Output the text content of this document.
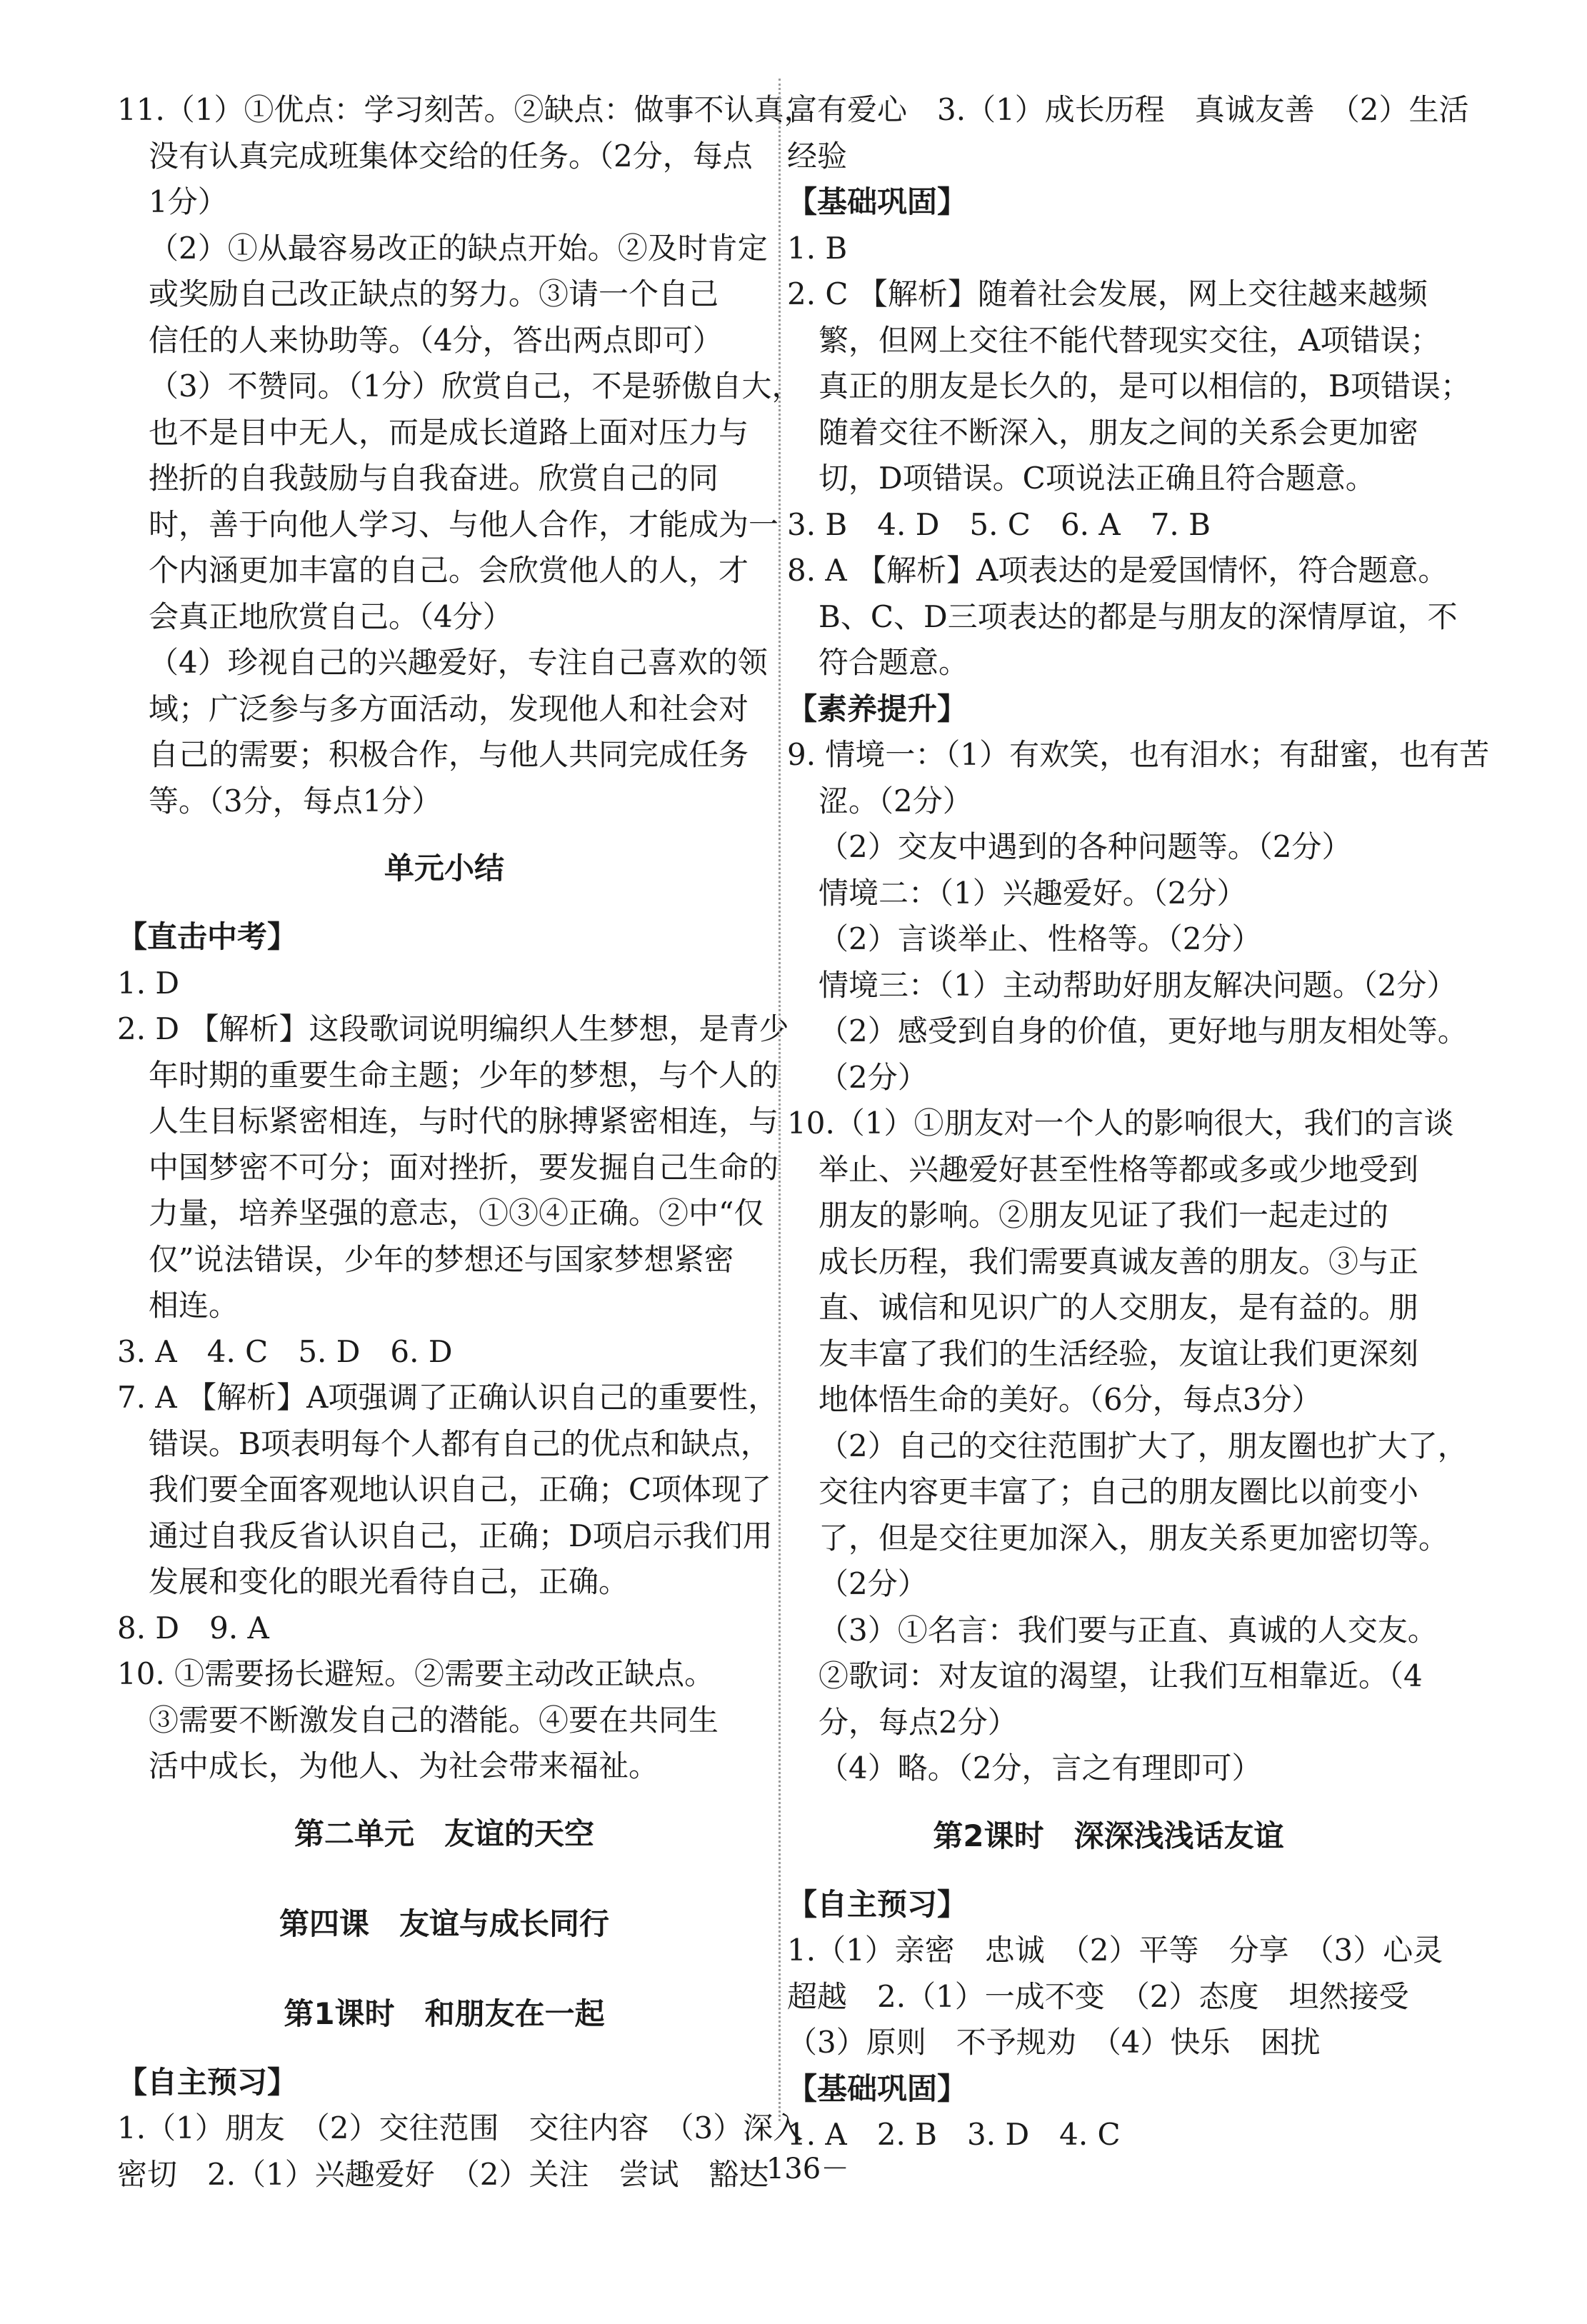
11.（1）①优点：学习刻苦。②缺点：做事不认真，
没有认真完成班集体交给的任务。（2分，每点
1分）
（2）①从最容易改正的缺点开始。②及时肯定
或奖励自己改正缺点的努力。③请一个自己
信任的人来协助等。（4分，答出两点即可）
（3）不赞同。（1分）欣赏自己，不是骄傲自大，
也不是目中无人，而是成长道路上面对压力与
挫折的自我鼓励与自我奋进。欣赏自己的同
时，善于向他人学习、与他人合作，才能成为一
个内涵更加丰富的自己。会欣赏他人的人，才
会真正地欣赏自己。（4分）
（4）珍视自己的兴趣爱好，专注自己喜欢的领
域；广泛参与多方面活动，发现他人和社会对
自己的需要；积极合作，与他人共同完成任务
等。（3分，每点1分）
单元小结
【直击中考】
1. D
2. D 【解析】这段歌词说明编织人生梦想，是青少
年时期的重要生命主题；少年的梦想，与个人的
人生目标紧密相连，与时代的脉搏紧密相连，与
中国梦密不可分；面对挫折，要发掘自己生命的
力量，培养坚强的意志，①③④正确。②中“仅
仅”说法错误，少年的梦想还与国家梦想紧密
相连。
3. A　4. C　5. D　6. D
7. A 【解析】A项强调了正确认识自己的重要性，
错误。B项表明每个人都有自己的优点和缺点，
我们要全面客观地认识自己，正确；C项体现了
通过自我反省认识自己，正确；D项启示我们用
发展和变化的眼光看待自己，正确。
8. D　9. A
10. ①需要扬长避短。②需要主动改正缺点。
③需要不断激发自己的潜能。④要在共同生
活中成长，为他人、为社会带来福祉。
第二单元　友谊的天空
第四课　友谊与成长同行
第1课时　和朋友在一起
【自主预习】
1.（1）朋友　（2）交往范围　交往内容　（3）深入
密切　2.（1）兴趣爱好　（2）关注　尝试　豁达
富有爱心　3.（1）成长历程　真诚友善　（2）生活
经验
【基础巩固】
1. B
2. C 【解析】随着社会发展，网上交往越来越频
繁，但网上交往不能代替现实交往，A项错误；
真正的朋友是长久的，是可以相信的，B项错误；
随着交往不断深入，朋友之间的关系会更加密
切，D项错误。C项说法正确且符合题意。
3. B　4. D　5. C　6. A　7. B
8. A 【解析】A项表达的是爱国情怀，符合题意。
B、C、D三项表达的都是与朋友的深情厚谊，不
符合题意。
【素养提升】
9. 情境一：（1）有欢笑，也有泪水；有甜蜜，也有苦
涩。（2分）
（2）交友中遇到的各种问题等。（2分）
情境二：（1）兴趣爱好。（2分）
（2）言谈举止、性格等。（2分）
情境三：（1）主动帮助好朋友解决问题。（2分）
（2）感受到自身的价值，更好地与朋友相处等。
（2分）
10.（1）①朋友对一个人的影响很大，我们的言谈
举止、兴趣爱好甚至性格等都或多或少地受到
朋友的影响。②朋友见证了我们一起走过的
成长历程，我们需要真诚友善的朋友。③与正
直、诚信和见识广的人交朋友，是有益的。朋
友丰富了我们的生活经验，友谊让我们更深刻
地体悟生命的美好。（6分，每点3分）
（2）自己的交往范围扩大了，朋友圈也扩大了，
交往内容更丰富了；自己的朋友圈比以前变小
了，但是交往更加深入，朋友关系更加密切等。
（2分）
（3）①名言：我们要与正直、真诚的人交友。
②歌词：对友谊的渴望，让我们互相靠近。（4
分，每点2分）
（4）略。（2分，言之有理即可）
第2课时　深深浅浅话友谊
【自主预习】
1.（1）亲密　忠诚　（2）平等　分享　（3）心灵
超越　2.（1）一成不变　（2）态度　坦然接受
（3）原则　不予规劝　（4）快乐　困扰
【基础巩固】
1. A　2. B　3. D　4. C
－136－
